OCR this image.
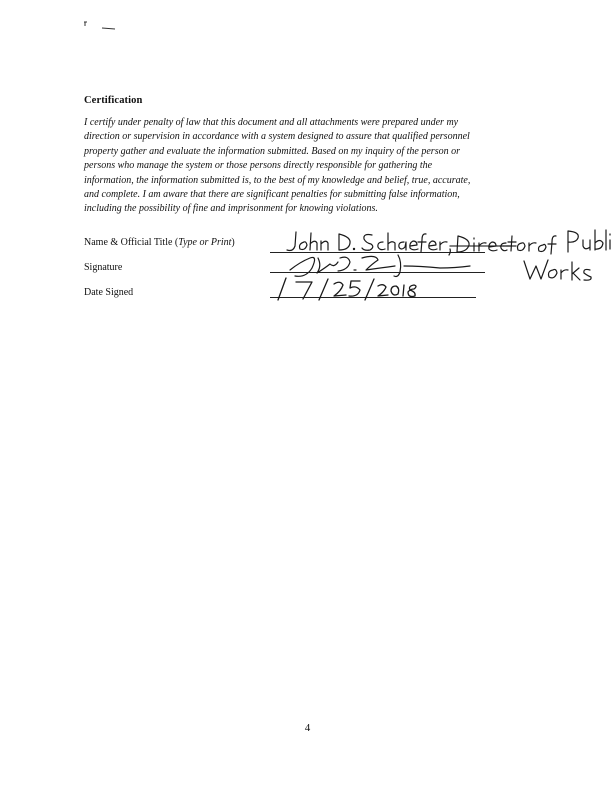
Certification
I certify under penalty of law that this document and all attachments were prepared under my
direction or supervision in accordance with a system designed to assure that qualified personnel
property gather and evaluate the information submitted. Based on my inquiry of the person or
persons who manage the system or those persons directly responsible for gathering the
information, the information submitted is, to the best of my knowledge and belief, true, accurate,
and complete. I am aware that there are significant penalties for submitting false information,
including the possibility of fine and imprisonment for knowing violations.
Name & Official Title (Type or Print)
Signature
Date Signed
4
